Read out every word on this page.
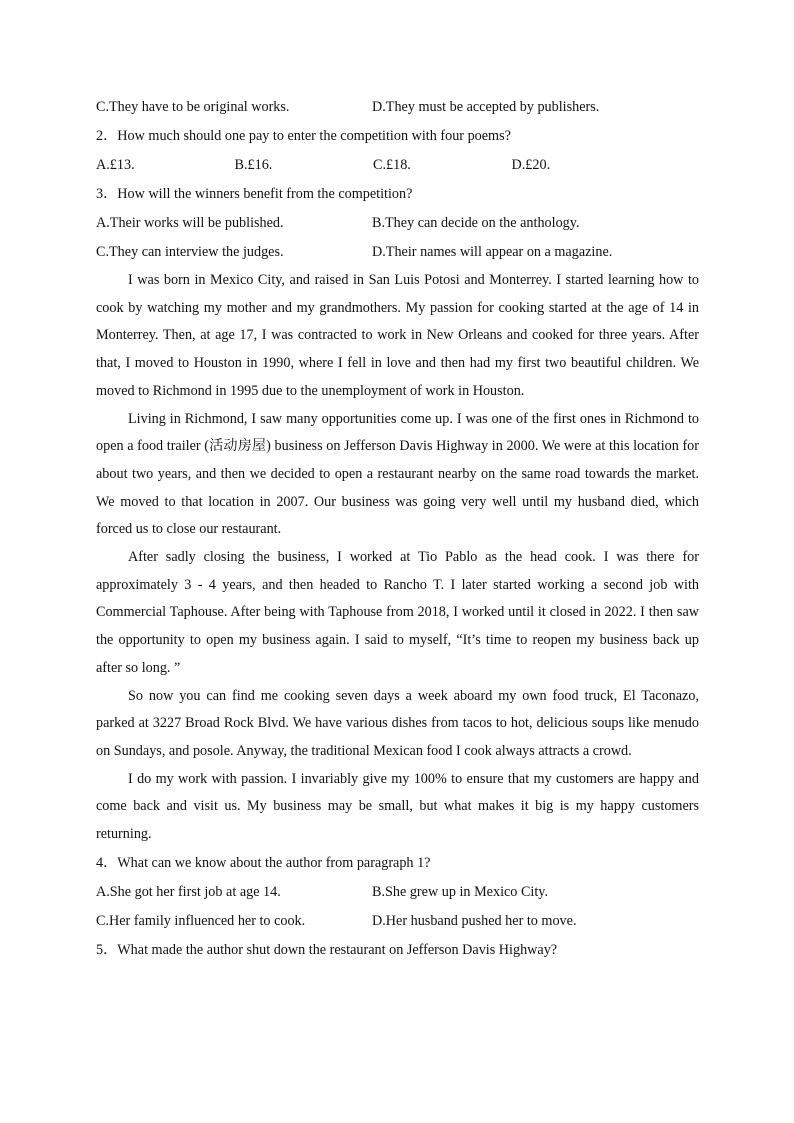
C.They have to be original works.	D.They must be accepted by publishers.
2．How much should one pay to enter the competition with four poems?
A.£13.	B.£16.	C.£18.	D.£20.
3．How will the winners benefit from the competition?
A.Their works will be published.	B.They can decide on the anthology.
C.They can interview the judges.	D.Their names will appear on a magazine.

I was born in Mexico City, and raised in San Luis Potosi and Monterrey. I started learning how to cook by watching my mother and my grandmothers. My passion for cooking started at the age of 14 in Monterrey. Then, at age 17, I was contracted to work in New Orleans and cooked for three years. After that, I moved to Houston in 1990, where I fell in love and then had my first two beautiful children. We moved to Richmond in 1995 due to the unemployment of work in Houston.

Living in Richmond, I saw many opportunities come up. I was one of the first ones in Richmond to open a food trailer (活动房屋) business on Jefferson Davis Highway in 2000. We were at this location for about two years, and then we decided to open a restaurant nearby on the same road towards the market. We moved to that location in 2007. Our business was going very well until my husband died, which forced us to close our restaurant.

After sadly closing the business, I worked at Tio Pablo as the head cook. I was there for approximately 3 - 4 years, and then headed to Rancho T. I later started working a second job with Commercial Taphouse. After being with Taphouse from 2018, I worked until it closed in 2022. I then saw the opportunity to open my business again. I said to myself, “It’s time to reopen my business back up after so long. ”

So now you can find me cooking seven days a week aboard my own food truck, El Taconazo, parked at 3227 Broad Rock Blvd. We have various dishes from tacos to hot, delicious soups like menudo on Sundays, and posole. Anyway, the traditional Mexican food I cook always attracts a crowd.

I do my work with passion. I invariably give my 100% to ensure that my customers are happy and come back and visit us. My business may be small, but what makes it big is my happy customers returning.

4．What can we know about the author from paragraph 1?
A.She got her first job at age 14.	B.She grew up in Mexico City.
C.Her family influenced her to cook.	D.Her husband pushed her to move.
5．What made the author shut down the restaurant on Jefferson Davis Highway?
